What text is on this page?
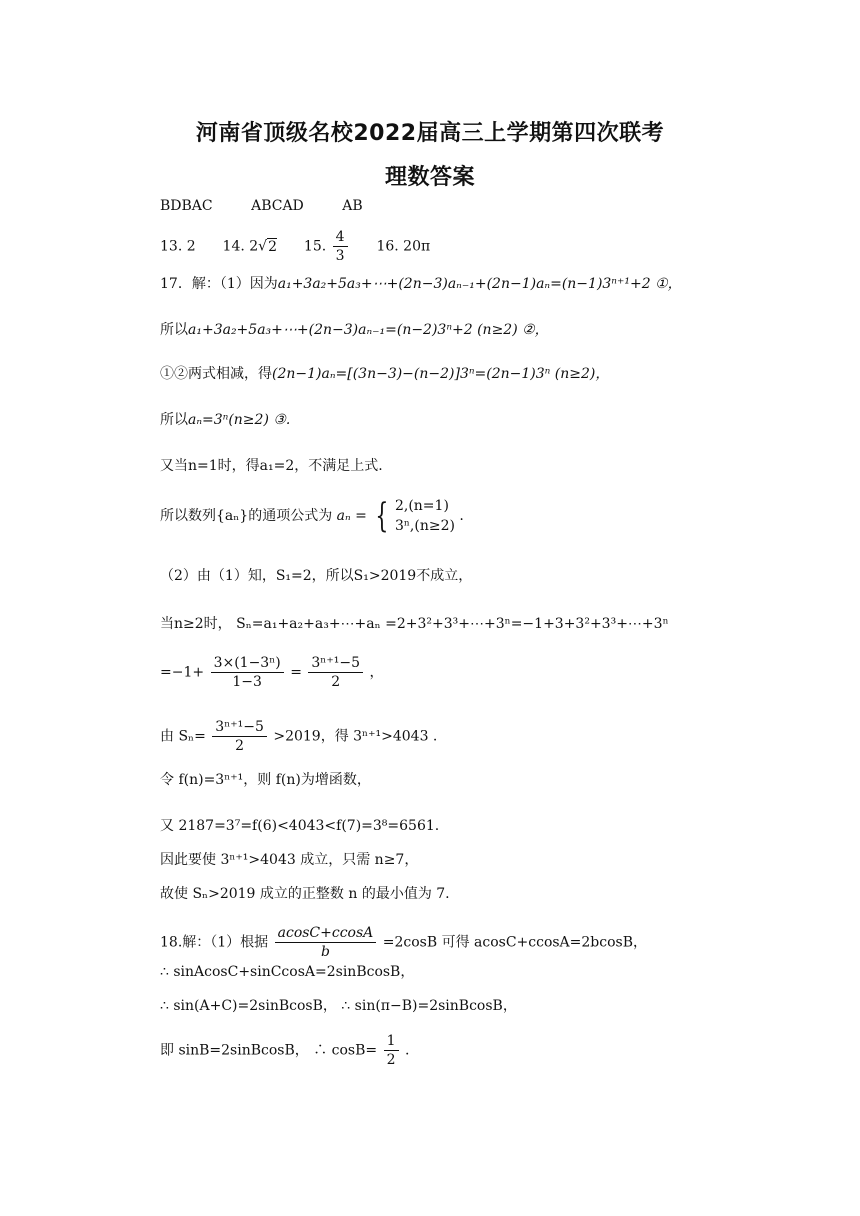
河南省顶级名校2022届高三上学期第四次联考
理数答案
BDBAC	ABCAD	AB
13. 2 14. 2√2 15. $\frac{4}{3} 16$. 20π
17．解：（1）因为a₁+3a₂+5a₃+⋯+(2n−3)aₙ₋₁+(2n−1)aₙ=(n−1)3ⁿ⁺¹+2 ①，
所以a₁+3a₂+5a₃+⋯+(2n−3)aₙ₋₁=(n−2)3ⁿ+2 (n≥2) ②，
①②两式相减，得(2n−1)aₙ=[(3n−3)−(n−2)]3ⁿ=(2n−1)3ⁿ (n≥2)，
所以aₙ=3ⁿ(n≥2) ③.
又当n=1时，得a₁=2，不满足上式.
所以数列{aₙ}的通项公式为 aₙ = { 2,(n=1)
3ⁿ,(n≥2)
.
（2）由（1）知，S₁=2，所以S₁>2019不成立，
当n≥2时， Sₙ=a₁+a₂+a₃+⋯+aₙ =2+3²+3³+⋯+3ⁿ=−1+3+3²+3³+⋯+3ⁿ
$=-1+ \frac{\text{3×(1−3ⁿ)}}{1-3} = \frac{\text{3ⁿ⁺¹−5}}{2}$ ，
由 $S_n= \frac{\text{3ⁿ⁺¹−5}}{2} >2019$，得 3ⁿ⁺¹>4043 .
令 f(n)=3ⁿ⁺¹，则 f(n)为增函数，
又 2187=3⁷=f(6)<4043<f(7)=3⁸=6561.
因此要使 3ⁿ⁺¹>4043 成立，只需 n≥7，
故使 Sₙ>2019 成立的正整数 n 的最小值为 7.
18.解：（1）根据 $\frac{acosC+ccosA}{b} =2\cos B$ 可得 acosC+ccosA=2bcosB，
∴ sinAcosC+sinCcosA=2sinBcosB，
∴ sin(A+C)=2sinBcosB， ∴ sin(π−B)=2sinBcosB，
即 sinB=2sinBcosB， ∴ $\cos B= \frac{1}{2}$ .
